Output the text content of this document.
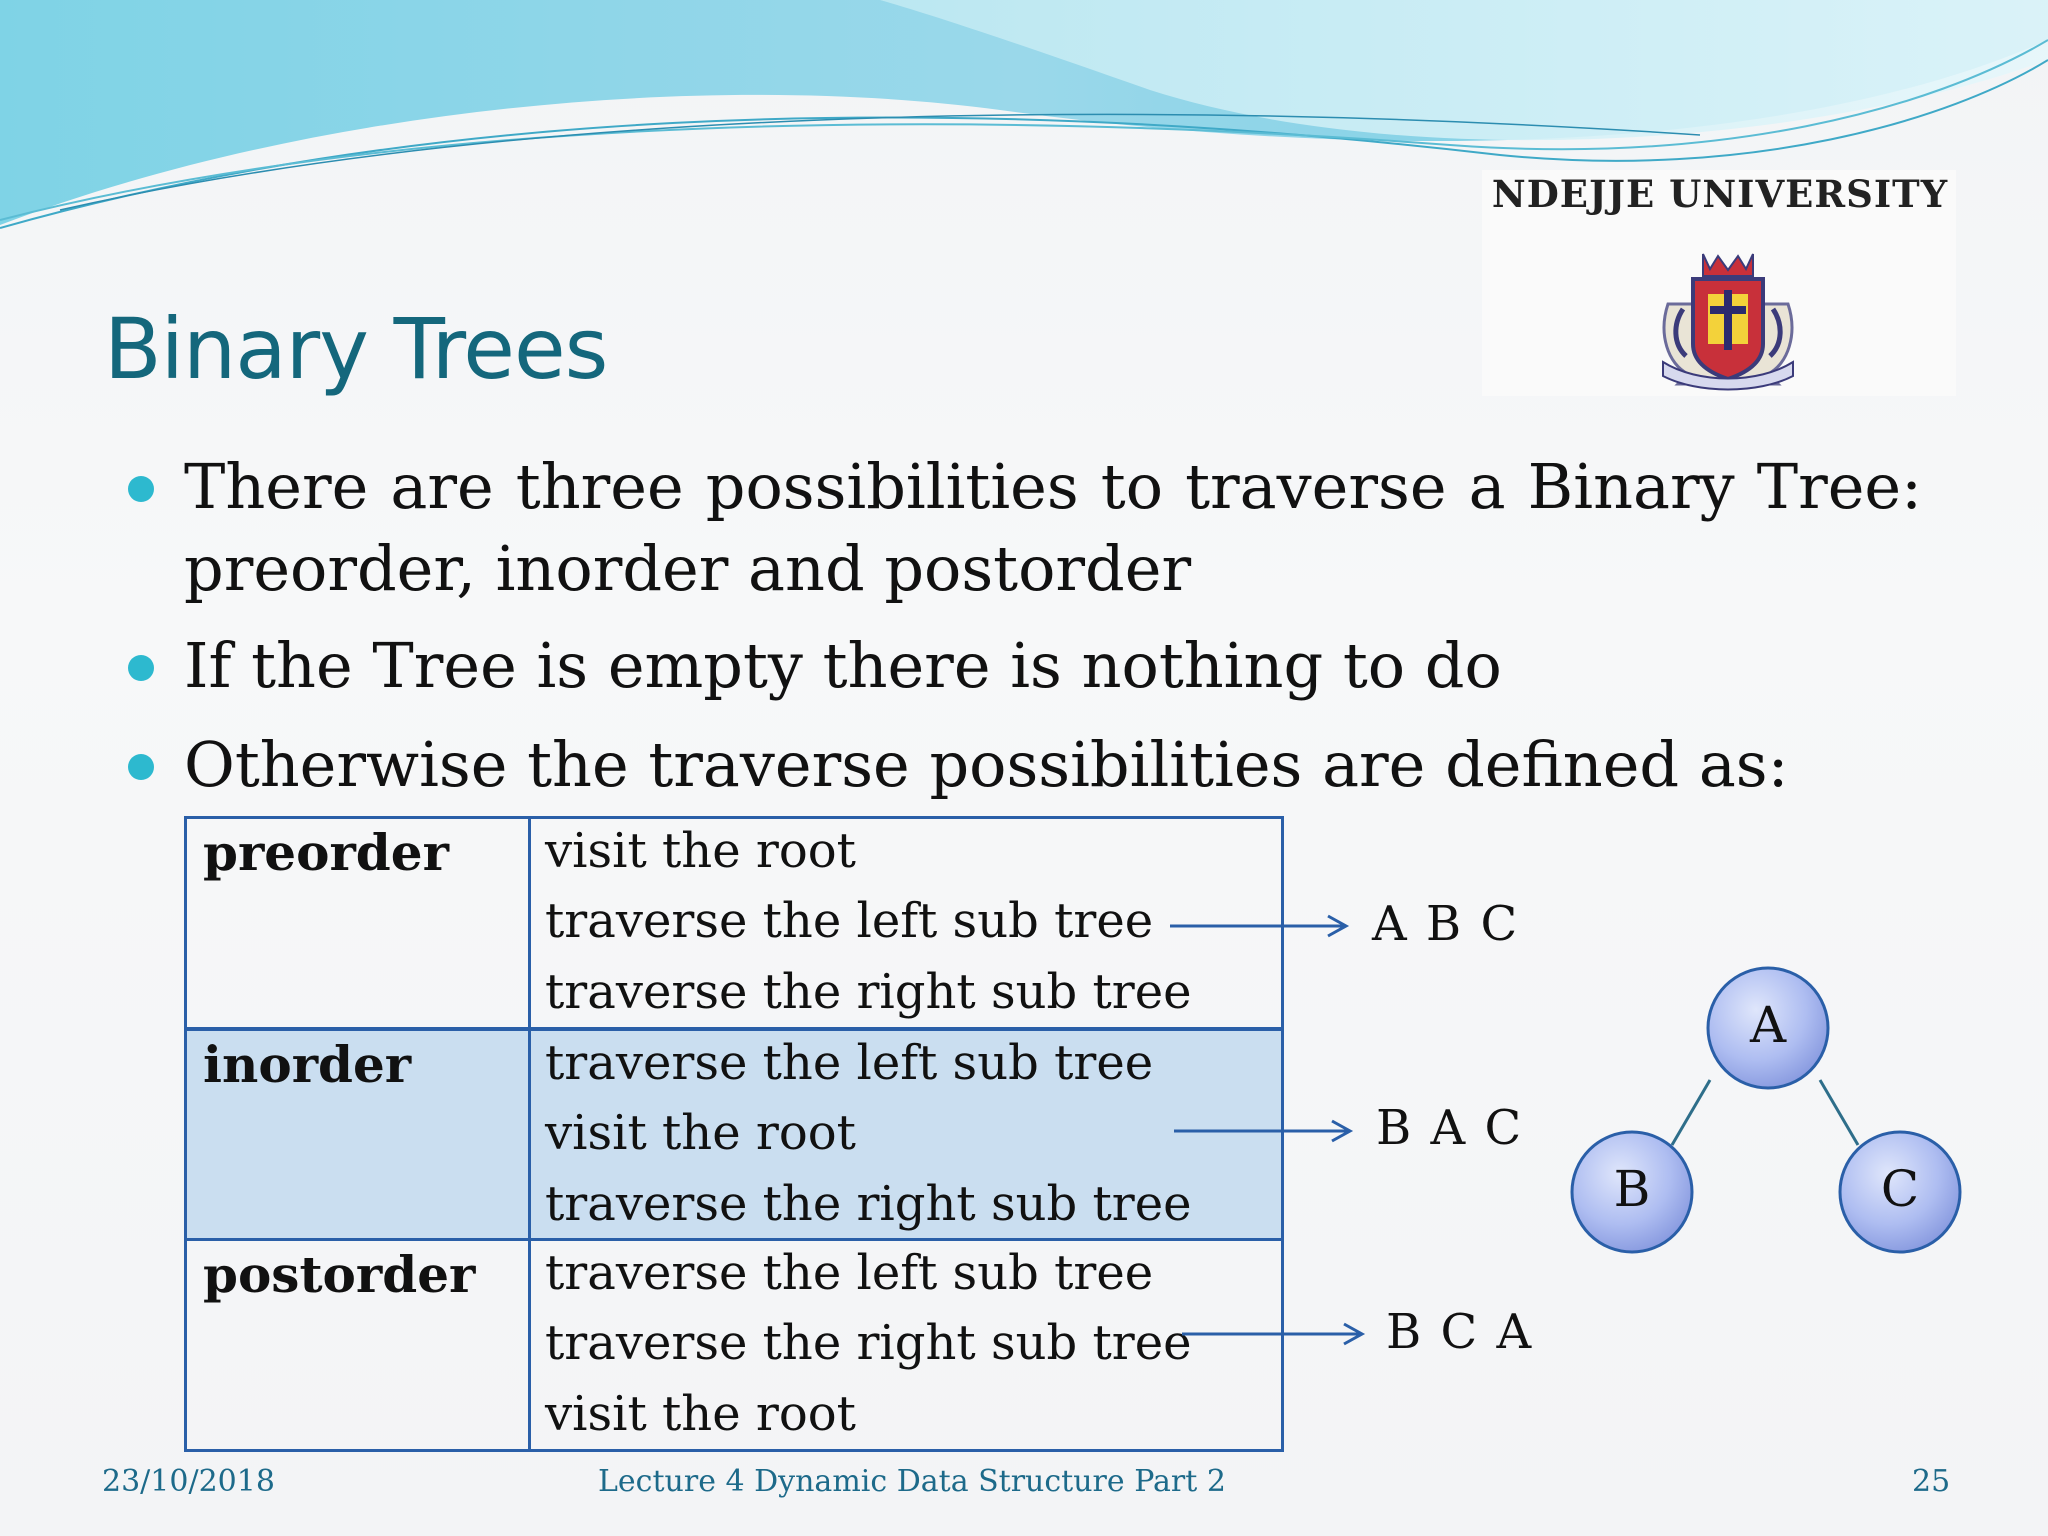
NDEJJE UNIVERSITY
Binary Trees
There are three possibilities to traverse a Binary Tree:
preorder, inorder and postorder
If the Tree is empty there is nothing to do
Otherwise the traverse possibilities are defined as:
preorder visit the root
traverse the left sub tree
traverse the right sub tree
inorder	traverse the left sub tree
visit the root
traverse the right sub tree
postorder traverse the left sub tree
traverse the right sub tree
visit the root
A B C
B A C
B C A
A
B	C
23/10/2018	Lecture 4 Dynamic Data Structure Part 2	25
